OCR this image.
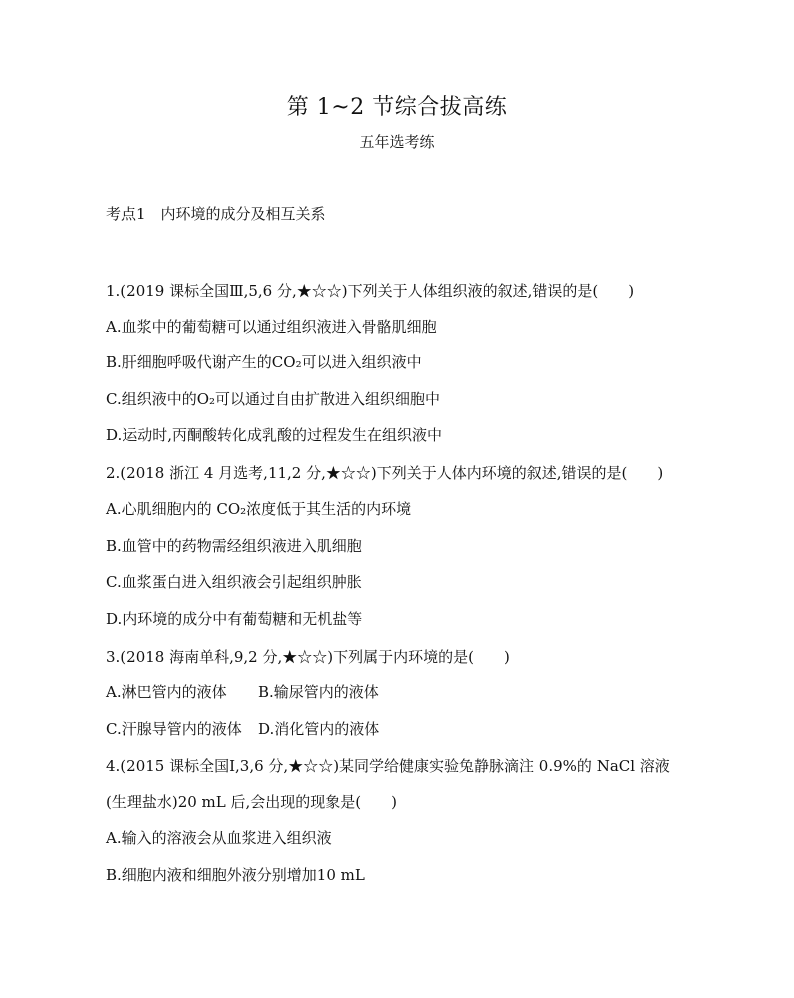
第 1~2 节综合拔高练
五年选考练
考点1　内环境的成分及相互关系
1.(2019 课标全国Ⅲ,5,6 分,★☆☆)下列关于人体组织液的叙述,错误的是(　　)
A.血浆中的葡萄糖可以通过组织液进入骨骼肌细胞
B.肝细胞呼吸代谢产生的CO₂可以进入组织液中
C.组织液中的O₂可以通过自由扩散进入组织细胞中
D.运动时,丙酮酸转化成乳酸的过程发生在组织液中
2.(2018 浙江 4 月选考,11,2 分,★☆☆)下列关于人体内环境的叙述,错误的是(　　)
A.心肌细胞内的 CO₂浓度低于其生活的内环境
B.血管中的药物需经组织液进入肌细胞
C.血浆蛋白进入组织液会引起组织肿胀
D.内环境的成分中有葡萄糖和无机盐等
3.(2018 海南单科,9,2 分,★☆☆)下列属于内环境的是(　　)
A.淋巴管内的液体 B.输尿管内的液体
C.汗腺导管内的液体 D.消化管内的液体
4.(2015 课标全国Ⅰ,3,6 分,★☆☆)某同学给健康实验兔静脉滴注 0.9%的 NaCl 溶液
(生理盐水)20 mL 后,会出现的现象是(　　)
A.输入的溶液会从血浆进入组织液
B.细胞内液和细胞外液分别增加10 mL
